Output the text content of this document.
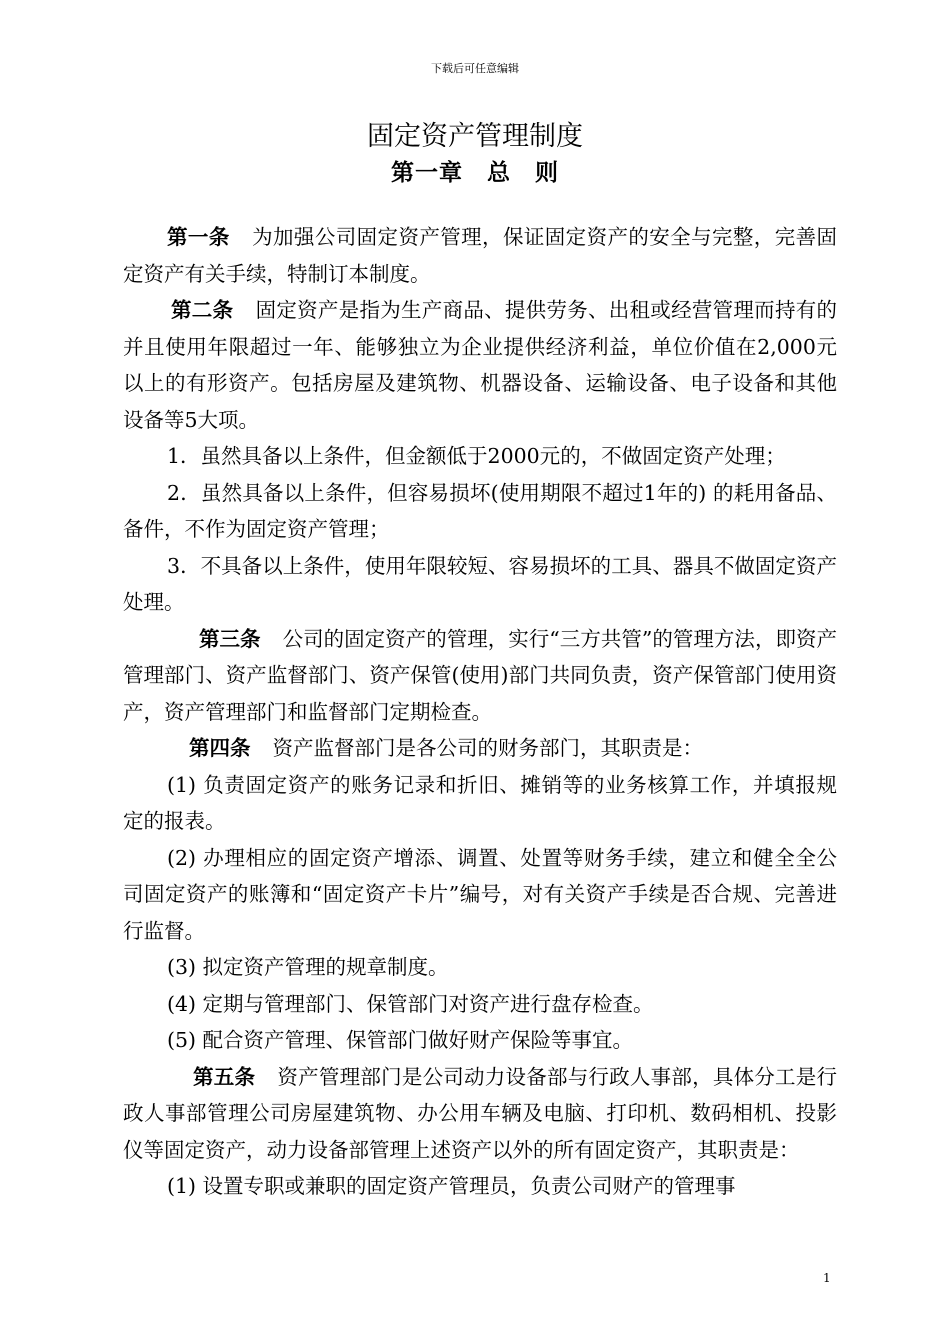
下载后可任意编辑
固定资产管理制度
第一章 总 则

第一条 为加强公司固定资产管理，保证固定资产的安全与完整，完善固定资产有关手续，特制订本制度。

第二条 固定资产是指为生产商品、提供劳务、出租或经营管理而持有的并且使用年限超过一年、能够独立为企业提供经济利益，单位价值在2,000元以上的有形资产。包括房屋及建筑物、机器设备、运输设备、电子设备和其他设备等5大项。

1．虽然具备以上条件，但金额低于2000元的，不做固定资产处理；

2．虽然具备以上条件，但容易损坏(使用期限不超过1年的) 的耗用备品、备件，不作为固定资产管理；

3．不具备以上条件，使用年限较短、容易损坏的工具、器具不做固定资产处理。

第三条 公司的固定资产的管理，实行“三方共管”的管理方法，即资产管理部门、资产监督部门、资产保管(使用)部门共同负责，资产保管部门使用资产，资产管理部门和监督部门定期检查。

第四条 资产监督部门是各公司的财务部门，其职责是：

(1) 负责固定资产的账务记录和折旧、摊销等的业务核算工作，并填报规定的报表。

(2) 办理相应的固定资产增添、调置、处置等财务手续，建立和健全全公司固定资产的账簿和“固定资产卡片”编号，对有关资产手续是否合规、完善进行监督。

(3) 拟定资产管理的规章制度。

(4) 定期与管理部门、保管部门对资产进行盘存检查。

(5) 配合资产管理、保管部门做好财产保险等事宜。

第五条 资产管理部门是公司动力设备部与行政人事部，具体分工是行政人事部管理公司房屋建筑物、办公用车辆及电脑、打印机、数码相机、投影仪等固定资产，动力设备部管理上述资产以外的所有固定资产，其职责是：

(1) 设置专职或兼职的固定资产管理员，负责公司财产的管理事

1
